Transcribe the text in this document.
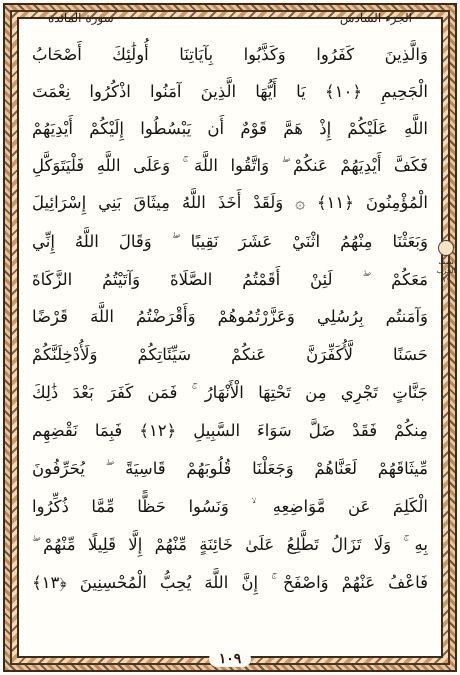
الجزء السادس
سورة المائدة
وَالَّذِينَ كَفَرُوا وَكَذَّبُوا بِآيَاتِنَا أُولَٰئِكَ أَصْحَابُ
الْجَحِيمِ ﴿١٠﴾ يَا أَيُّهَا الَّذِينَ آمَنُوا اذْكُرُوا نِعْمَتَ
اللَّهِ عَلَيْكُمْ إِذْ هَمَّ قَوْمٌ أَن يَبْسُطُوا إِلَيْكُمْ أَيْدِيَهُمْ
فَكَفَّ أَيْدِيَهُمْ عَنكُمْ ۖ وَاتَّقُوا اللَّهَ ۚ وَعَلَى اللَّهِ فَلْيَتَوَكَّلِ
الْمُؤْمِنُونَ ﴿١١﴾ ۞ وَلَقَدْ أَخَذَ اللَّهُ مِيثَاقَ بَنِي إِسْرَائِيلَ
وَبَعَثْنَا مِنْهُمُ اثْنَيْ عَشَرَ نَقِيبًا ۖ وَقَالَ اللَّهُ إِنِّي
مَعَكُمْ ۖ لَئِنْ أَقَمْتُمُ الصَّلَاةَ وَآتَيْتُمُ الزَّكَاةَ
وَآمَنتُم بِرُسُلِي وَعَزَّرْتُمُوهُمْ وَأَقْرَضْتُمُ اللَّهَ قَرْضًا
حَسَنًا لَّأُكَفِّرَنَّ عَنكُمْ سَيِّئَاتِكُمْ وَلَأُدْخِلَنَّكُمْ
جَنَّاتٍ تَجْرِي مِن تَحْتِهَا الْأَنْهَارُ ۚ فَمَن كَفَرَ بَعْدَ ذَٰلِكَ
مِنكُمْ فَقَدْ ضَلَّ سَوَاءَ السَّبِيلِ ﴿١٢﴾ فَبِمَا نَقْضِهِم
مِّيثَاقَهُمْ لَعَنَّاهُمْ وَجَعَلْنَا قُلُوبَهُمْ قَاسِيَةً ۖ يُحَرِّفُونَ
الْكَلِمَ عَن مَّوَاضِعِهِ ۙ وَنَسُوا حَظًّا مِّمَّا ذُكِّرُوا
بِهِ ۚ وَلَا تَزَالُ تَطَّلِعُ عَلَىٰ خَائِنَةٍ مِّنْهُمْ إِلَّا قَلِيلًا مِّنْهُمْ ۖ
فَاعْفُ عَنْهُمْ وَاصْفَحْ ۚ إِنَّ اللَّهَ يُحِبُّ الْمُحْسِنِينَ ﴿١٣﴾
نصف
الحزب
١١
١٠٩
